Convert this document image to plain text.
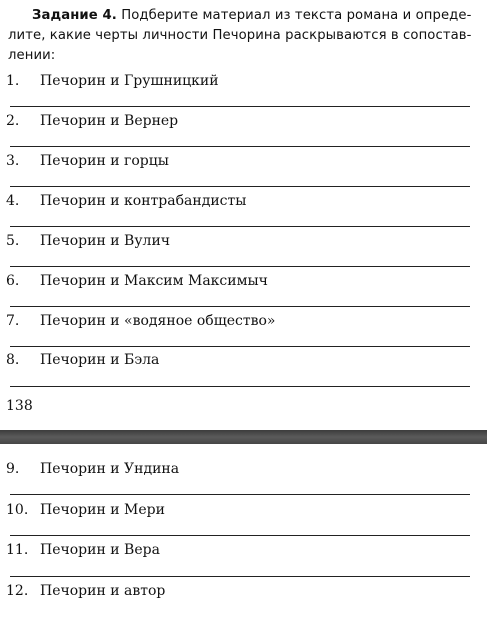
Задание 4. Подберите материал из текста романа и опреде-
лите, какие черты личности Печорина раскрываются в сопостав-
лении:
1. Печорин и Грушницкий
2. Печорин и Вернер
3. Печорин и горцы
4. Печорин и контрабандисты
5. Печорин и Вулич
6. Печорин и Максим Максимыч
7. Печорин и «водяное общество»
8. Печорин и Бэла
138
9. Печорин и Ундина
10. Печорин и Мери
11. Печорин и Вера
12. Печорин и автор
